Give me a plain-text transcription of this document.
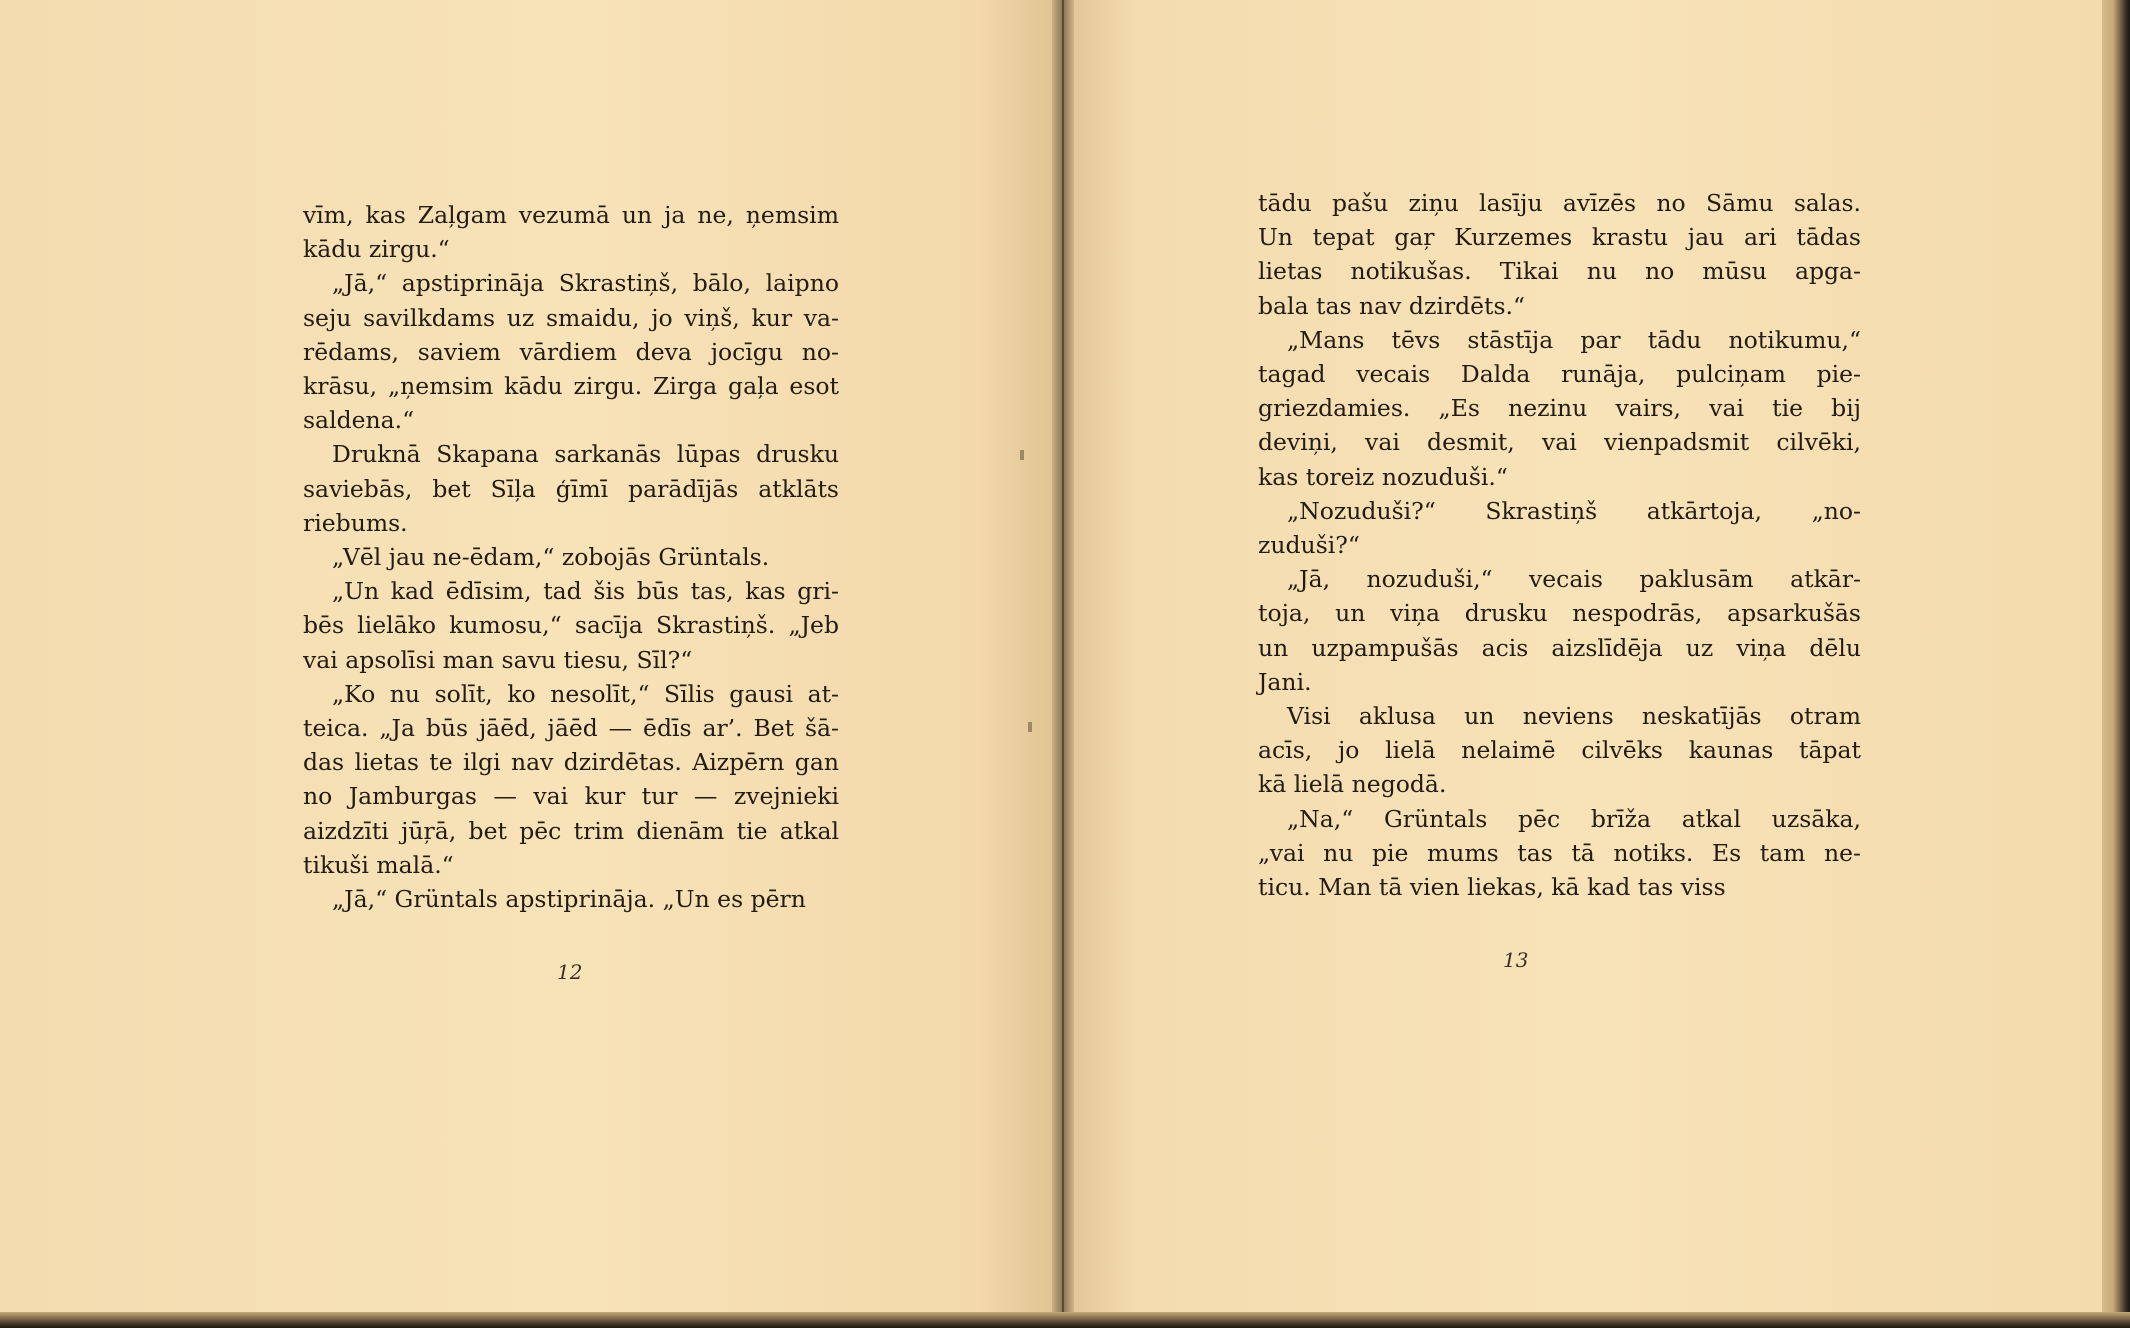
vīm, kas Zaļgam vezumā un ja ne, ņemsim

kādu zirgu.“

„Jā,“ apstiprināja Skrastiņš, bālo, laipno

seju savilkdams uz smaidu, jo viņš, kur va-

rēdams, saviem vārdiem deva jocīgu no-

krāsu, „ņemsim kādu zirgu. Zirga gaļa esot

saldena.“

Druknā Skapana sarkanās lūpas drusku

saviebās, bet Sīļa ģīmī parādījās atklāts

riebums.

„Vēl jau ne-ēdam,“ zobojās Grüntals.

„Un kad ēdīsim, tad šis būs tas, kas gri-

bēs lielāko kumosu,“ sacīja Skrastiņš. „Jeb

vai apsolīsi man savu tiesu, Sīl?“

„Ko nu solīt, ko nesolīt,“ Sīlis gausi at-

teica. „Ja būs jāēd, jāēd — ēdīs ar’. Bet šā-

das lietas te ilgi nav dzirdētas. Aizpērn gan

no Jamburgas — vai kur tur — zvejnieki

aizdzīti jūŗā, bet pēc trim dienām tie atkal

tikuši malā.“

„Jā,“ Grüntals apstiprināja. „Un es pērn

12

tādu pašu ziņu lasīju avīzēs no Sāmu salas.

Un tepat gaŗ Kurzemes krastu jau ari tādas

lietas notikušas. Tikai nu no mūsu apga-

bala tas nav dzirdēts.“

„Mans tēvs stāstīja par tādu notikumu,“

tagad vecais Dalda runāja, pulciņam pie-

griezdamies. „Es nezinu vairs, vai tie bij

deviņi, vai desmit, vai vienpadsmit cilvēki,

kas toreiz nozuduši.“

„Nozuduši?“ Skrastiņš atkārtoja, „no-

zuduši?“

„Jā, nozuduši,“ vecais paklusām atkār-

toja, un viņa drusku nespodrās, apsarkušās

un uzpampušās acis aizslīdēja uz viņa dēlu

Jani.

Visi aklusa un neviens neskatījās otram

acīs, jo lielā nelaimē cilvēks kaunas tāpat

kā lielā negodā.

„Na,“ Grüntals pēc brīža atkal uzsāka,

„vai nu pie mums tas tā notiks. Es tam ne-

ticu. Man tā vien liekas, kā kad tas viss

13
